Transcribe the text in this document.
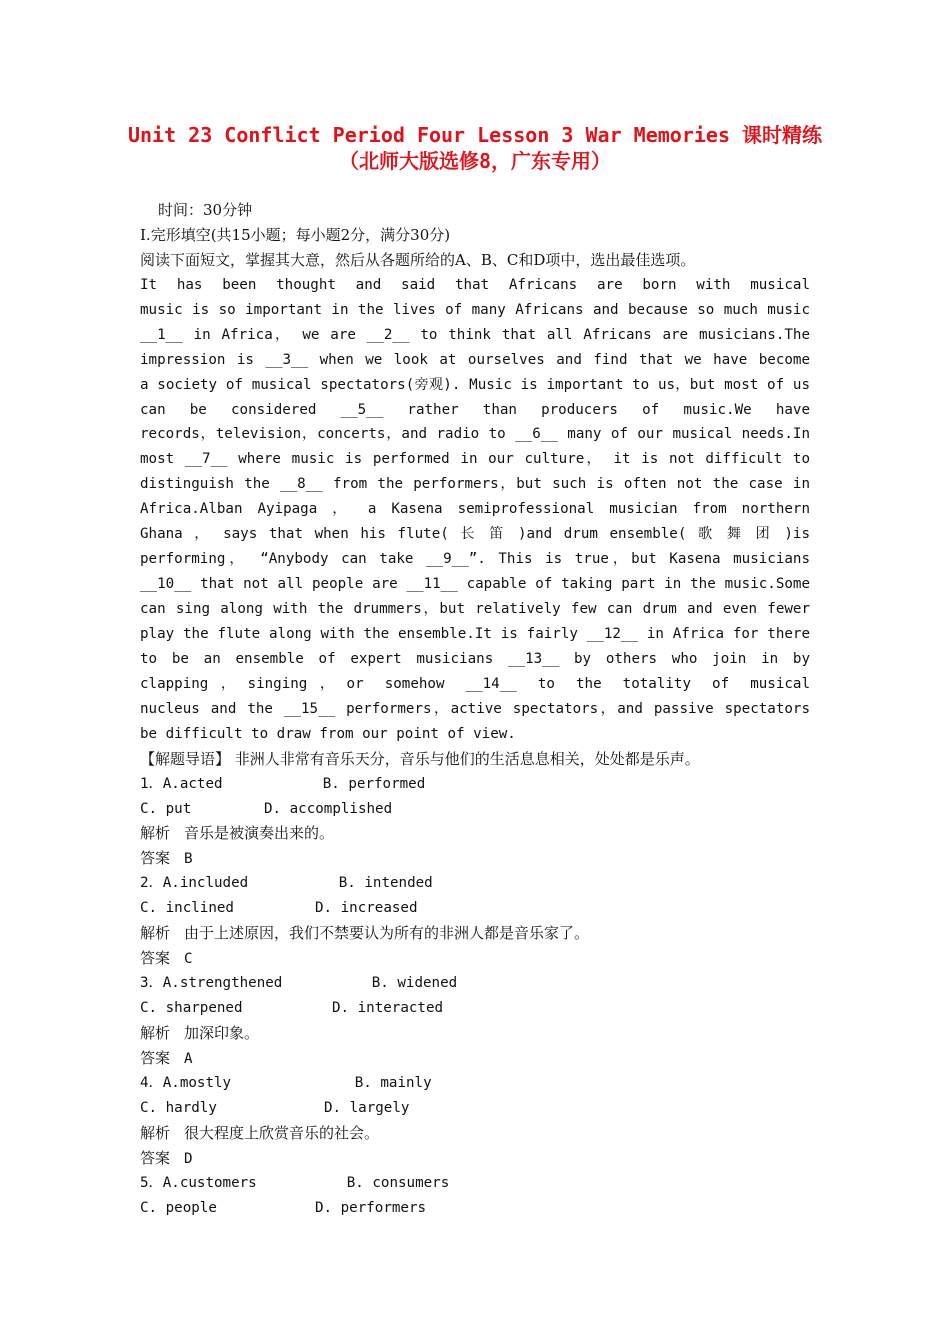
Unit 23 Conflict Period Four Lesson 3 War Memories 课时精练
（北师大版选修8，广东专用）
时间：30分钟
Ⅰ.完形填空(共15小题；每小题2分，满分30分)
阅读下面短文，掌握其大意，然后从各题所给的A、B、C和D项中，选出最佳选项。
It has been thought and said that Africans are born with musical
music is so important in the lives of many Africans and because so much music
__1__ in Africa， we are __2__ to think that all Africans are musicians.The
impression is __3__ when we look at ourselves and find that we have become
a society of musical spectators(旁观). Music is important to us，but most of us
can be considered __5__ rather than producers of music.We have
records，television，concerts，and radio to __6__ many of our musical needs.In
most __7__ where music is performed in our culture， it is not difficult to
distinguish the __8__ from the performers，but such is often not the case in
Africa.Alban Ayipaga ， a Kasena semiprofessional musician from northern
Ghana ， says that when his flute( 长 笛 )and drum ensemble( 歌 舞 团 )is
performing， “Anybody can take __9__”. This is true，but Kasena musicians
__10__ that not all people are __11__ capable of taking part in the music.Some
can sing along with the drummers，but relatively few can drum and even fewer
play the flute along with the ensemble.It is fairly __12__ in Africa for there
to be an ensemble of expert musicians __13__ by others who join in by
clapping，singing，or somehow __14__ to the totality of musical
nucleus and the __15__ performers，active spectators，and passive spectators
be difficult to draw from our point of view.
【解题导语】 非洲人非常有音乐天分，音乐与他们的生活息息相关，处处都是乐声。
1．A.acted	B. performed
C. put	D. accomplished
解析 音乐是被演奏出来的。
答案 B
2．A.included	B. intended
C. inclined	D. increased
解析 由于上述原因，我们不禁要认为所有的非洲人都是音乐家了。
答案 C
3．A.strengthened	B. widened
C. sharpened	D. interacted
解析 加深印象。
答案 A
4．A.mostly	B. mainly
C. hardly	D. largely
解析 很大程度上欣赏音乐的社会。
答案 D
5．A.customers	B. consumers
C. people	D. performers
